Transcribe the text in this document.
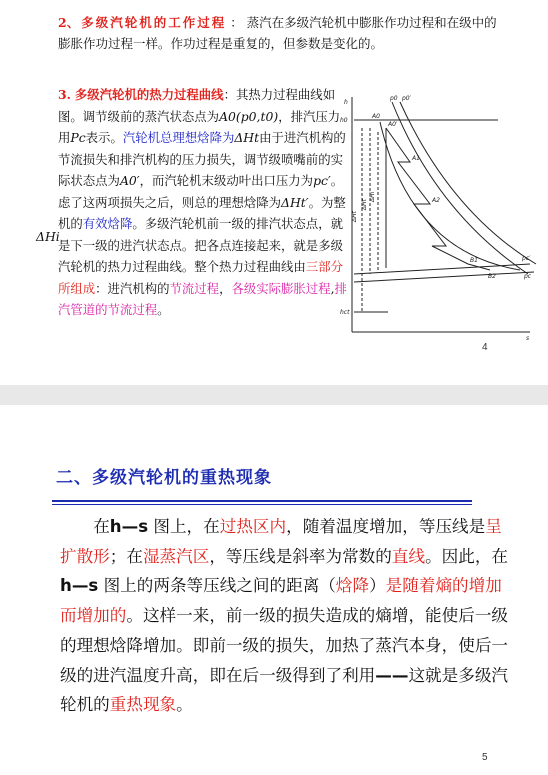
2、多级汽轮机的工作过程 ： 蒸汽在多级汽轮机中膨胀作功过程和在级中的膨胀作功过程一样。作功过程是重复的，但参数是变化的。
3. 多级汽轮机的热力过程曲线：其热力过程曲线如图。调节级前的蒸汽状态点为A0(p0,t0)，排汽压力用Pc表示。汽轮机总理想焓降为ΔHt由于进汽机构的节流损失和排汽机构的压力损失，调节级喷嘴前的实际状态点为A0′，而汽轮机末级动叶出口压力为pc′。虑了这两项损失之后，则总的理想焓降为ΔHt′。为整机的有效焓降。多级汽轮机前一级的排汽状态点，就是下一级的进汽状态点。把各点连接起来，就是多级汽轮机的热力过程曲线。整个热力过程曲线由三部分所组成：进汽机构的节流过程，各级实际膨胀过程,排汽管道的节流过程。
ΔHi
p0 p0′
h0
A0
A0′
A1
A2
B1
B2
pc′
pc
hct
ΔHt
ΔHt′
ΔHi
h
s
4
二、多级汽轮机的重热现象
  在h—s 图上，在过热区内，随着温度增加，等压线是呈扩散形；在湿蒸汽区，等压线是斜率为常数的直线。因此，在h—s 图上的两条等压线之间的距离（焓降）是随着熵的增加而增加的。这样一来，前一级的损失造成的熵增，能使后一级的理想焓降增加。即前一级的损失，加热了蒸汽本身，使后一级的进汽温度升高，即在后一级得到了利用——这就是多级汽轮机的重热现象。
5
